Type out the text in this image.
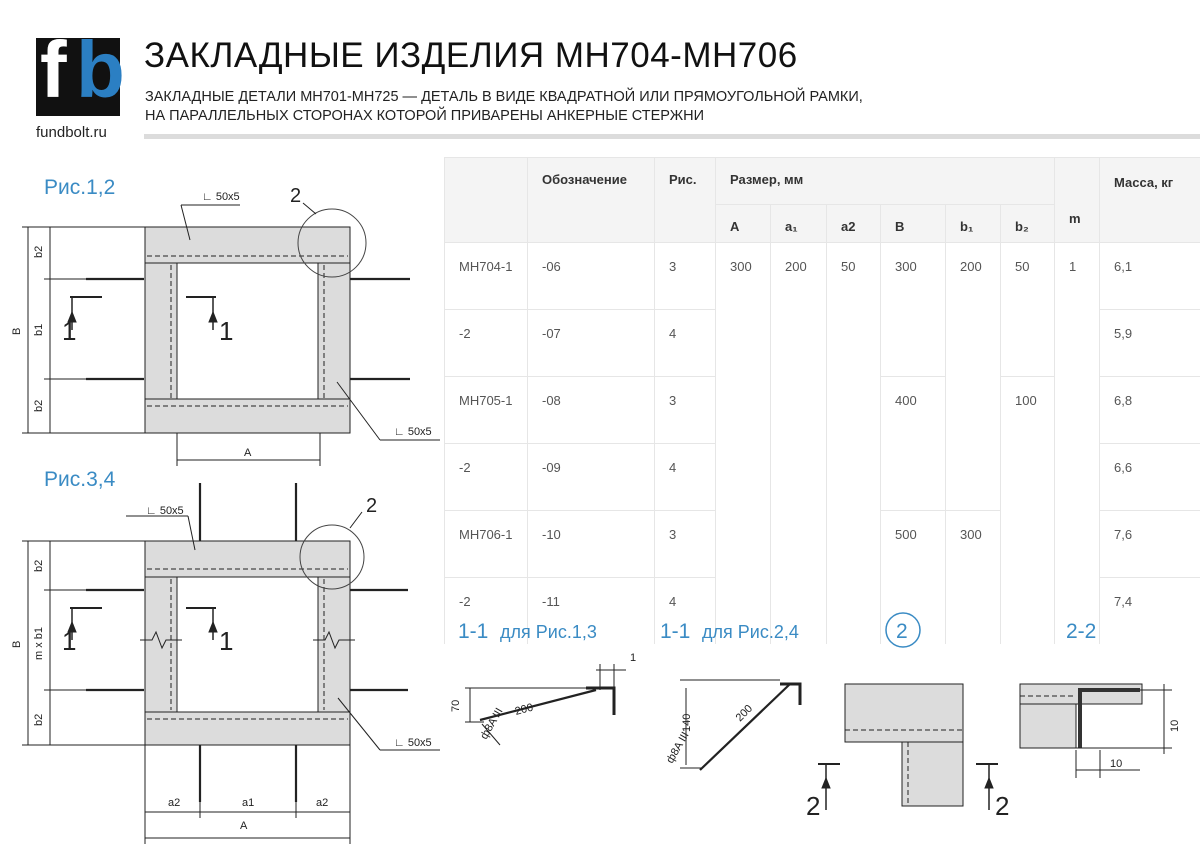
f b
fundbolt.ru
ЗАКЛАДНЫЕ ИЗДЕЛИЯ МН704-МН706
ЗАКЛАДНЫЕ ДЕТАЛИ МН701-МН725 — ДЕТАЛЬ В ВИДЕ КВАДРАТНОЙ ИЛИ ПРЯМОУГОЛЬНОЙ РАМКИ,
НА ПАРАЛЛЕЛЬНЫХ СТОРОНАХ КОТОРОЙ ПРИВАРЕНЫ АНКЕРНЫЕ СТЕРЖНИ
Рис.1,2
Рис.3,4
	Обозначение	Рис.	Размер, мм						m	Масса, кг
			A	a₁	a2	B	b₁	b₂		
МН704-1	-06	3	300	200	50	300	200	50	1	6,1
-2	-07	4								5,9
МН705-1	-08	3				400		100		6,8
-2	-09	4								6,6
МН706-1	-10	3				500	300			7,6
-2	-11	4								7,4
1-1 для Рис.1,3	1-1 для Рис.2,4	2-2
∟ 50x5
∟ 50x5
2
A
B
b2
b1
b2
1	1
∟ 50x5
∟ 50x5
2
A
a2	a1	a2
B
b2
m x b1
b2
1	1
70	200
1
ф8A III	140	200
ф8A III
2
2	2
10
10
